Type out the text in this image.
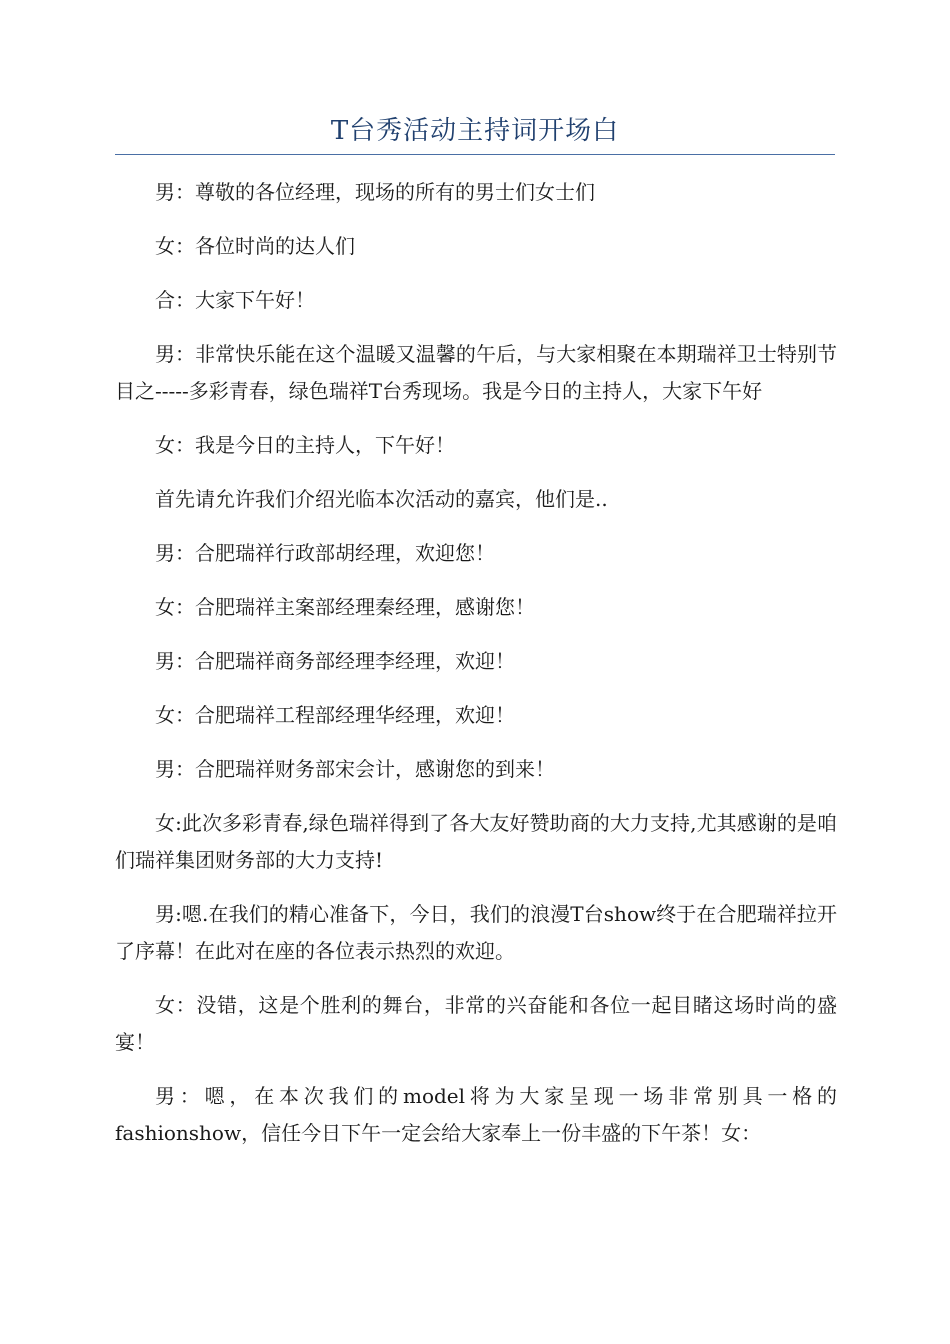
T台秀活动主持词开场白

男：尊敬的各位经理，现场的所有的男士们女士们

女：各位时尚的达人们

合：大家下午好！

男：非常快乐能在这个温暖又温馨的午后，与大家相聚在本期瑞祥卫士特别节目之-----多彩青春，绿色瑞祥T台秀现场。我是今日的主持人，大家下午好

女：我是今日的主持人，下午好！

首先请允许我们介绍光临本次活动的嘉宾，他们是..

男：合肥瑞祥行政部胡经理，欢迎您！

女：合肥瑞祥主案部经理秦经理，感谢您！

男：合肥瑞祥商务部经理李经理，欢迎！

女：合肥瑞祥工程部经理华经理，欢迎！

男：合肥瑞祥财务部宋会计，感谢您的到来！

女:此次多彩青春,绿色瑞祥得到了各大友好赞助商的大力支持,尤其感谢的是咱们瑞祥集团财务部的大力支持!

男:嗯.在我们的精心准备下，今日，我们的浪漫T台show终于在合肥瑞祥拉开了序幕！在此对在座的各位表示热烈的欢迎。

女：没错，这是个胜利的舞台，非常的兴奋能和各位一起目睹这场时尚的盛宴！

男：嗯，在本次我们的model将为大家呈现一场非常别具一格的fashionshow，信任今日下午一定会给大家奉上一份丰盛的下午茶！女：
